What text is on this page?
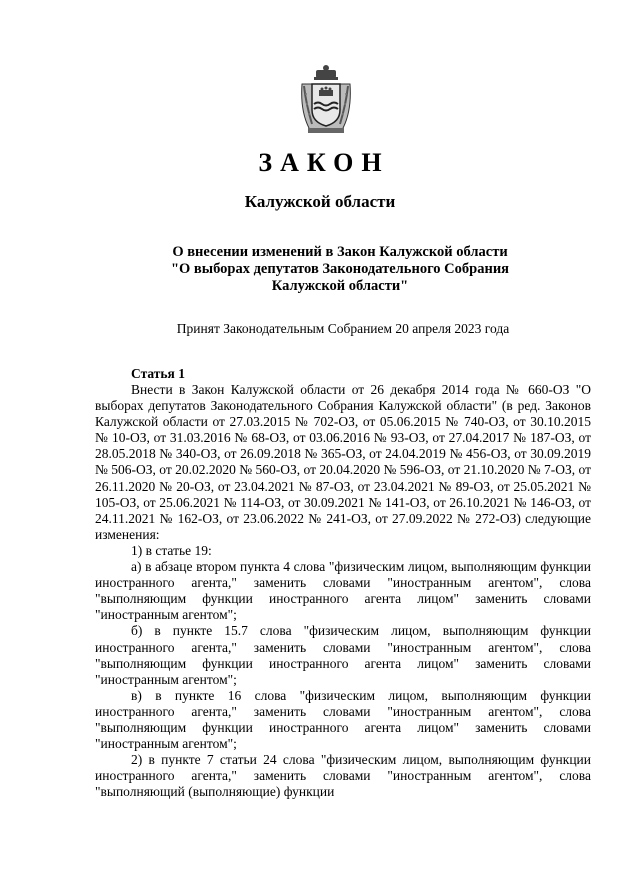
ЗАКОН
Калужской области
О внесении изменений в Закон Калужской области
"О выборах депутатов Законодательного Собрания
Калужской области"
Принят Законодательным Собранием 20 апреля 2023 года
Статья 1

Внести в Закон Калужской области от 26 декабря 2014 года № 660-ОЗ "О выборах депутатов Законодательного Собрания Калужской области" (в ред. Законов Калужской области от 27.03.2015 № 702-ОЗ, от 05.06.2015 № 740-ОЗ, от 30.10.2015 № 10-ОЗ, от 31.03.2016 № 68-ОЗ, от 03.06.2016 № 93-ОЗ, от 27.04.2017 № 187-ОЗ, от 28.05.2018 № 340-ОЗ, от 26.09.2018 № 365-ОЗ, от 24.04.2019 № 456-ОЗ, от 30.09.2019 № 506-ОЗ, от 20.02.2020 № 560-ОЗ, от 20.04.2020 № 596-ОЗ, от 21.10.2020 № 7-ОЗ, от 26.11.2020 № 20-ОЗ, от 23.04.2021 № 87-ОЗ, от 23.04.2021 № 89-ОЗ, от 25.05.2021 № 105-ОЗ, от 25.06.2021 № 114-ОЗ, от 30.09.2021 № 141-ОЗ, от 26.10.2021 № 146-ОЗ, от 24.11.2021 № 162-ОЗ, от 23.06.2022 № 241-ОЗ, от 27.09.2022 № 272-ОЗ) следующие изменения:

1) в статье 19:

а) в абзаце втором пункта 4 слова "физическим лицом, выполняющим функции иностранного агента," заменить словами "иностранным агентом", слова "выполняющим функции иностранного агента лицом" заменить словами "иностранным агентом";

б) в пункте 15.7 слова "физическим лицом, выполняющим функции иностранного агента," заменить словами "иностранным агентом", слова "выполняющим функции иностранного агента лицом" заменить словами "иностранным агентом";

в) в пункте 16 слова "физическим лицом, выполняющим функции иностранного агента," заменить словами "иностранным агентом", слова "выполняющим функции иностранного агента лицом" заменить словами "иностранным агентом";

2) в пункте 7 статьи 24 слова "физическим лицом, выполняющим функции иностранного агента," заменить словами "иностранным агентом", слова "выполняющий (выполняющие) функции
